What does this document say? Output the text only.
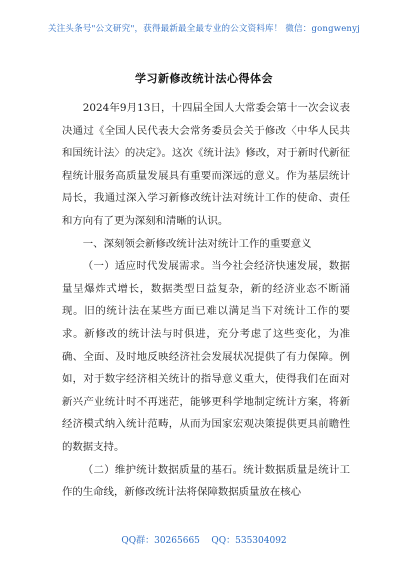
关注头条号"公文研究"，获得最新最全最专业的公文资料库！ 微信：gongwenyj
学习新修改统计法心得体会

2024年9月13日，十四届全国人大常委会第十一次会议表决通过《全国人民代表大会常务委员会关于修改〈中华人民共和国统计法〉的决定》。这次《统计法》修改，对于新时代新征程统计服务高质量发展具有重要而深远的意义。作为基层统计局长，我通过深入学习新修改统计法对统计工作的使命、责任和方向有了更为深刻和清晰的认识。

一、深刻领会新修改统计法对统计工作的重要意义

（一）适应时代发展需求。当今社会经济快速发展，数据量呈爆炸式增长，数据类型日益复杂，新的经济业态不断涌现。旧的统计法在某些方面已难以满足当下对统计工作的要求。新修改的统计法与时俱进，充分考虑了这些变化，为准确、全面、及时地反映经济社会发展状况提供了有力保障。例如，对于数字经济相关统计的指导意义重大，使得我们在面对新兴产业统计时不再迷茫，能够更科学地制定统计方案，将新经济模式纳入统计范畴，从而为国家宏观决策提供更具前瞻性的数据支持。

（二）维护统计数据质量的基石。统计数据质量是统计工作的生命线，新修改统计法将保障数据质量放在核心

QQ群：30265665 QQ：535304092
